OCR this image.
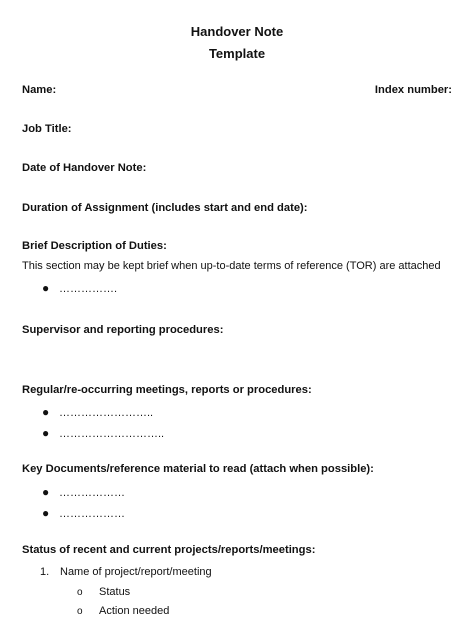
Handover Note
Template
Name:	Index number:
Job Title:
Date of Handover Note:
Duration of Assignment (includes start and end date):
Brief Description of Duties:
This section may be kept brief when up-to-date terms of reference (TOR) are attached
● …………….
Supervisor and reporting procedures:
Regular/re-occurring meetings, reports or procedures:
● ……………………..
● ………………………..
Key Documents/reference material to read (attach when possible):
● ………………
● ………………
Status of recent and current projects/reports/meetings:
1. Name of project/report/meeting
o Status
o Action needed
